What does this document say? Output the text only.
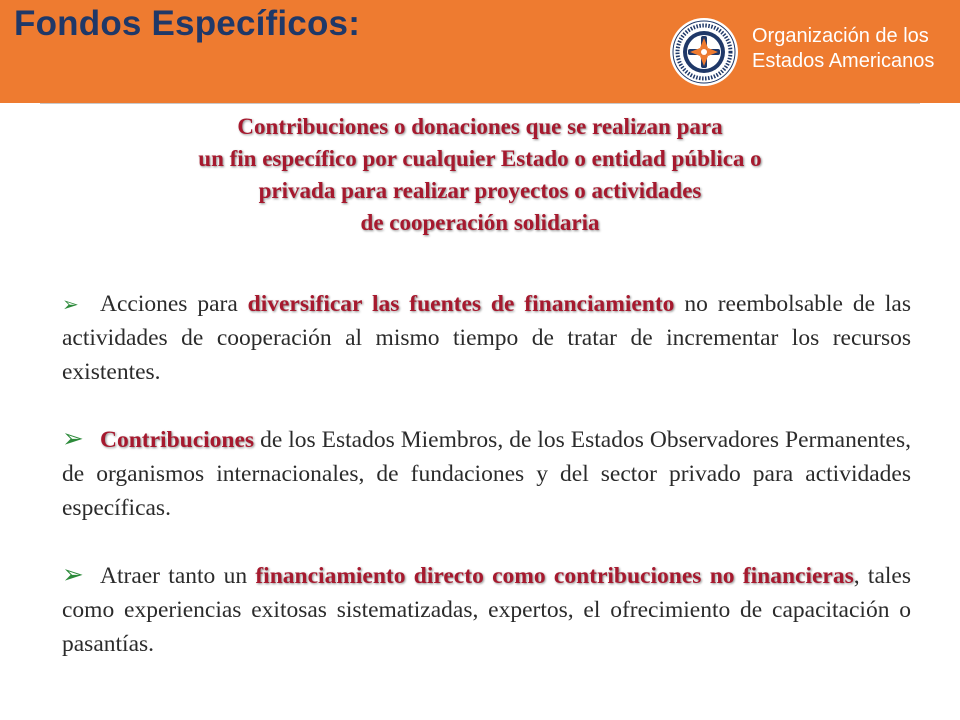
Fondos Específicos:	Organización de los
Estados Americanos
Contribuciones o donaciones que se realizan para
un fin específico por cualquier Estado o entidad pública o
privada para realizar proyectos o actividades
de cooperación solidaria

➢ Acciones para diversificar las fuentes de financiamiento no reembolsable de las actividades de cooperación al mismo tiempo de tratar de incrementar los recursos existentes.

➢ Contribuciones de los Estados Miembros, de los Estados Observadores Permanentes, de organismos internacionales, de fundaciones y del sector privado para actividades específicas.

➢ Atraer tanto un financiamiento directo como contribuciones no financieras, tales como experiencias exitosas sistematizadas, expertos, el ofrecimiento de capacitación o pasantías.
